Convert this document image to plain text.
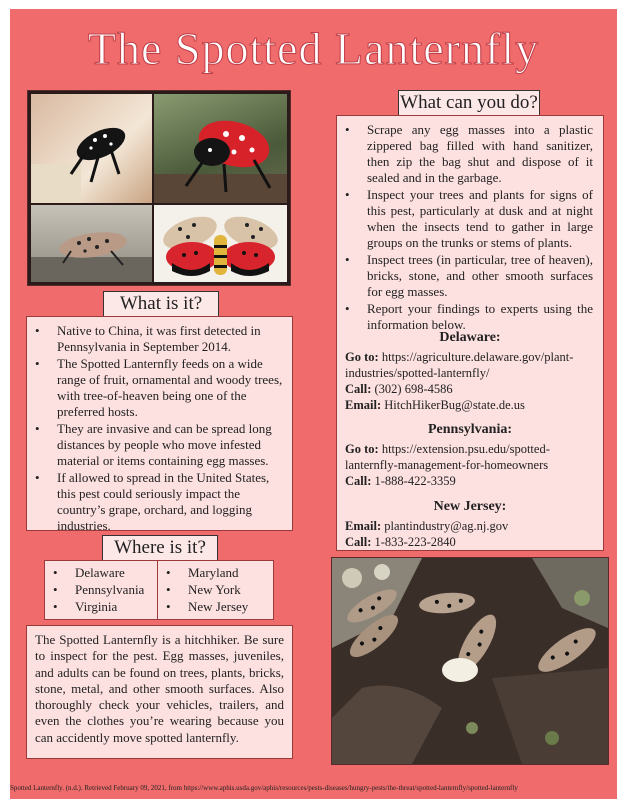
The Spotted Lanternfly
What is it?
• Native to China, it was first detected in Pennsylvania in September 2014.
• The Spotted Lanternfly feeds on a wide range of fruit, ornamental and woody trees, with tree-of-heaven being one of the preferred hosts.
• They are invasive and can be spread long distances by people who move infested material or items containing egg masses.
• If allowed to spread in the United States, this pest could seriously impact the country’s grape, orchard, and logging industries.
Where is it?
• Delaware
• Pennsylvania
• Virginia
• Maryland
• New York
• New Jersey

The Spotted Lanternfly is a hitchhiker. Be sure to inspect for the pest. Egg masses, juveniles, and adults can be found on trees, plants, bricks, stone, metal, and other smooth surfaces. Also thoroughly check your vehicles, trailers, and even the clothes you’re wearing because you can accidently move spotted lanternfly.

What can you do?
• Scrape any egg masses into a plastic zippered bag filled with hand sanitizer, then zip the bag shut and dispose of it sealed and in the garbage.
• Inspect your trees and plants for signs of this pest, particularly at dusk and at night when the insects tend to gather in large groups on the trunks or stems of plants.
• Inspect trees (in particular, tree of heaven), bricks, stone, and other smooth surfaces for egg masses.
• Report your findings to experts using the information below.
Delaware:
Go to: https://agriculture.delaware.gov/plant-
industries/spotted-lanternfly/
Call: (302) 698-4586
Email: HitchHikerBug@state.de.us
Pennsylvania:
Go to: https://extension.psu.edu/spotted-
lanternfly-management-for-homeowners
Call: 1-888-422-3359
New Jersey:
Email: plantindustry@ag.nj.gov
Call: 1-833-223-2840
Spotted Lanternfly. (n.d.). Retrieved February 09, 2021, from https://www.aphis.usda.gov/aphis/resources/pests-diseases/hungry-pests/the-threat/spotted-lanternfly/spotted-lanternfly
